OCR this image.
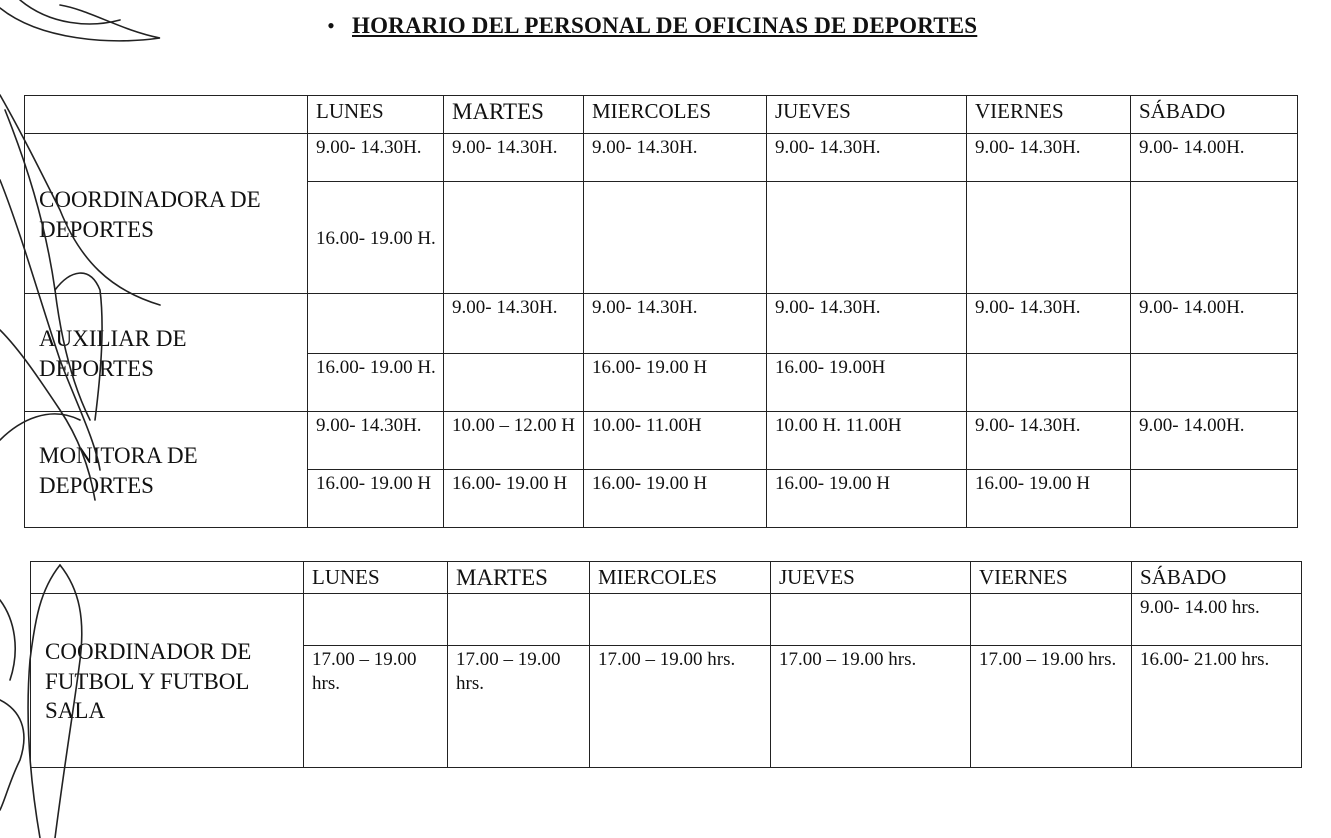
• HORARIO DEL PERSONAL DE OFICINAS DE DEPORTES
	LUNES	MARTES	MIERCOLES	JUEVES	VIERNES	SÁBADO
COORDINADORA DE DEPORTES	9.00- 14.30H.	9.00- 14.30H.	9.00- 14.30H.	9.00- 14.30H.	9.00- 14.30H.	9.00- 14.00H.
	16.00- 19.00 H.					
AUXILIAR DE DEPORTES		9.00- 14.30H.	9.00- 14.30H.	9.00- 14.30H.	9.00- 14.30H.	9.00- 14.00H.
	16.00- 19.00 H.		16.00- 19.00 H	16.00- 19.00H		
MONITORA DE DEPORTES	9.00- 14.30H.	10.00 – 12.00 H	10.00- 11.00H	10.00 H. 11.00H	9.00- 14.30H.	9.00- 14.00H.
	16.00- 19.00 H	16.00- 19.00 H	16.00- 19.00 H	16.00- 19.00 H	16.00- 19.00 H	
	LUNES	MARTES	MIERCOLES	JUEVES	VIERNES	SÁBADO
COORDINADOR DE FUTBOL Y FUTBOL SALA						9.00- 14.00 hrs.
	17.00 – 19.00 hrs.	17.00 – 19.00 hrs.	17.00 – 19.00 hrs.	17.00 – 19.00 hrs.	17.00 – 19.00 hrs.	16.00- 21.00 hrs.
